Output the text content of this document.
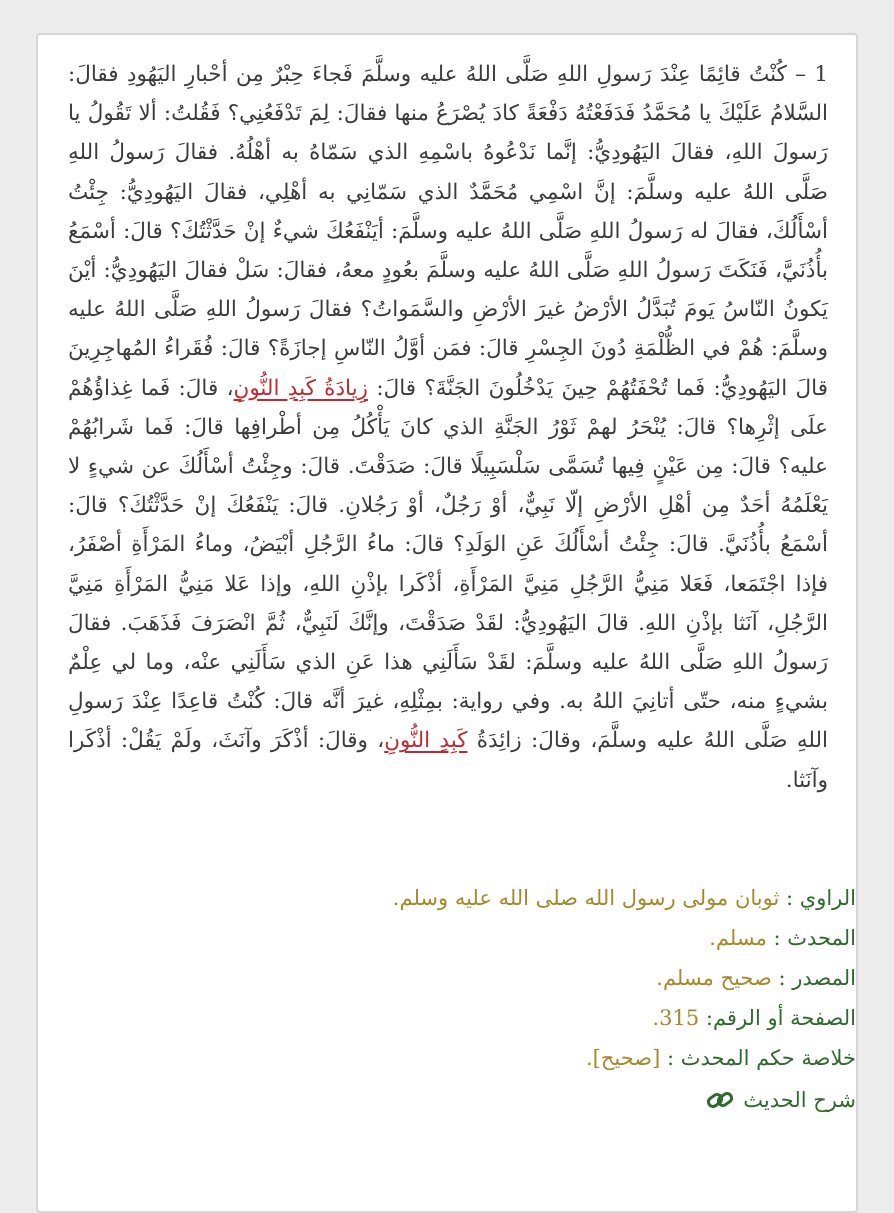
1 – كُنْتُ قائِمًا عِنْدَ رَسولِ اللهِ صَلَّى اللهُ عليه وسلَّمَ فَجاءَ حِبْرٌ مِن أحْبارِ اليَهُودِ فقالَ: السَّلامُ عَلَيْكَ يا مُحَمَّدُ فَدَفَعْتُهُ دَفْعَةً كادَ يُصْرَعُ منها فقالَ: لِمَ تَدْفَعُنِي؟ فَقُلتُ: ألا تَقُولُ يا رَسولَ اللهِ، فقالَ اليَهُودِيُّ: إنَّما نَدْعُوهُ باسْمِهِ الذي سَمّاهُ به أهْلُهُ. فقالَ رَسولُ اللهِ صَلَّى اللهُ عليه وسلَّمَ: إنَّ اسْمِي مُحَمَّدٌ الذي سَمّانِي به أهْلِي، فقالَ اليَهُودِيُّ: جِئْتُ أسْأَلُكَ، فقالَ له رَسولُ اللهِ صَلَّى اللهُ عليه وسلَّمَ: أيَنْفَعُكَ شيءٌ إنْ حَدَّثْتُكَ؟ قالَ: أسْمَعُ بأُذُنَيَّ، فَنَكَتَ رَسولُ اللهِ صَلَّى اللهُ عليه وسلَّمَ بعُودٍ معهُ، فقالَ: سَلْ فقالَ اليَهُودِيُّ: أيْنَ يَكونُ النّاسُ يَومَ تُبَدَّلُ الأرْضُ غيرَ الأرْضِ والسَّمَواتُ؟ فقالَ رَسولُ اللهِ صَلَّى اللهُ عليه وسلَّمَ: هُمْ في الظُّلْمَةِ دُونَ الجِسْرِ قالَ: فمَن أوَّلُ النّاسِ إجازَةً؟ قالَ: فُقَراءُ المُهاجِرِينَ قالَ اليَهُودِيُّ: فَما تُحْفَتُهُمْ حِينَ يَدْخُلُونَ الجَنَّةَ؟ قالَ: زِيادَةُ كَبِدِ النُّونِ، قالَ: فَما غِذاؤُهُمْ علَى إثْرِها؟ قالَ: يُنْحَرُ لهمْ ثَوْرُ الجَنَّةِ الذي كانَ يَأْكُلُ مِن أطْرافِها قالَ: فَما شَرابُهُمْ عليه؟ قالَ: مِن عَيْنٍ فِيها تُسَمَّى سَلْسَبِيلًا قالَ: صَدَقْتَ. قالَ: وجِئْتُ أسْأَلُكَ عن شيءٍ لا يَعْلَمُهُ أحَدٌ مِن أهْلِ الأرْضِ إلّا نَبِيٌّ، أوْ رَجُلٌ، أوْ رَجُلانِ. قالَ: يَنْفَعُكَ إنْ حَدَّثْتُكَ؟ قالَ: أسْمَعُ بأُذُنَيَّ. قالَ: جِئْتُ أسْأَلُكَ عَنِ الوَلَدِ؟ قالَ: ماءُ الرَّجُلِ أبْيَضُ، وماءُ المَرْأَةِ أصْفَرُ، فإذا اجْتَمَعا، فَعَلا مَنِيُّ الرَّجُلِ مَنِيَّ المَرْأَةِ، أذْكَرا بإذْنِ اللهِ، وإذا عَلا مَنِيُّ المَرْأَةِ مَنِيَّ الرَّجُلِ، آنَثا بإذْنِ اللهِ. قالَ اليَهُودِيُّ: لقَدْ صَدَقْتَ، وإنَّكَ لَنَبِيٌّ، ثُمَّ انْصَرَفَ فَذَهَبَ. فقالَ رَسولُ اللهِ صَلَّى اللهُ عليه وسلَّمَ: لقَدْ سَأَلَنِي هذا عَنِ الذي سَأَلَنِي عنْه، وما لي عِلْمٌ بشيءٍ منه، حتّى أتانِيَ اللهُ به. وفي رواية: بمِثْلِهِ، غيرَ أنَّه قالَ: كُنْتُ قاعِدًا عِنْدَ رَسولِ اللهِ صَلَّى اللهُ عليه وسلَّمَ، وقالَ: زائِدَةُ كَبِدِ النُّونِ، وقالَ: أذْكَرَ وآنَثَ، ولَمْ يَقُلْ: أذْكَرا وآنَثا.
الراوي : ثوبان مولى رسول الله صلى الله عليه وسلم.
المحدث : مسلم.
المصدر : صحيح مسلم.
الصفحة أو الرقم: 315.
خلاصة حكم المحدث : [صحيح].
شرح الحديث
